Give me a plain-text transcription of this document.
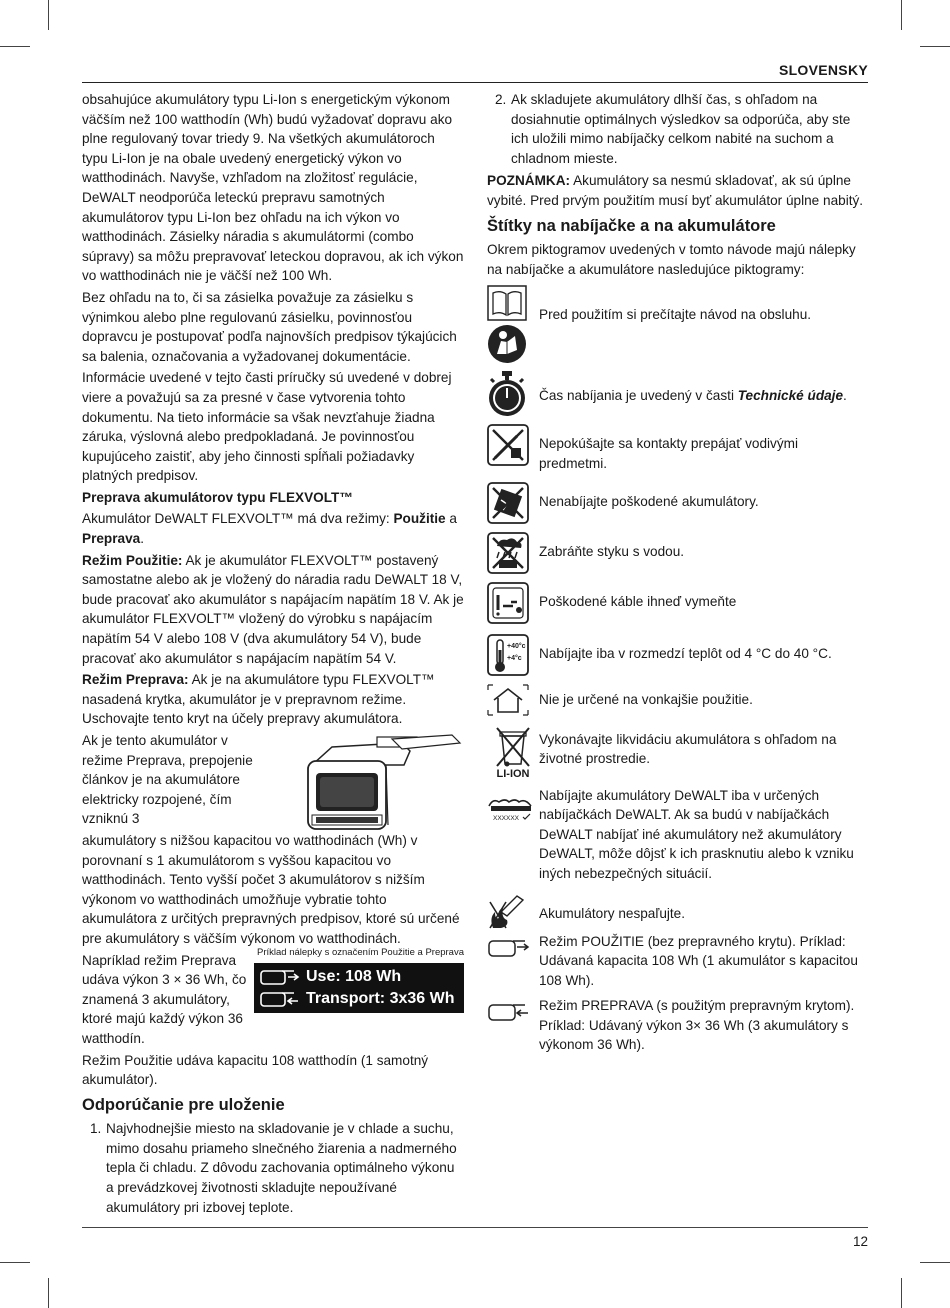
SLOVENSKY

obsahujúce akumulátory typu Li‑Ion s energetickým výkonom väčším než 100 watthodín (Wh) budú vyžadovať dopravu ako plne regulovaný tovar triedy 9. Na všetkých akumulátoroch typu Li‑Ion je na obale uvedený energetický výkon vo watthodinách. Navyše, vzhľadom na zložitosť regulácie, DeWALT neodporúča leteckú prepravu samotných akumulátorov typu Li‑Ion bez ohľadu na ich výkon vo watthodinách. Zásielky náradia s akumulátormi (combo súpravy) sa môžu prepravovať leteckou dopravou, ak ich výkon vo watthodinách nie je väčší než 100 Wh.

Bez ohľadu na to, či sa zásielka považuje za zásielku s výnimkou alebo plne regulovanú zásielku, povinnosťou dopravcu je postupovať podľa najnovších predpisov týkajúcich sa balenia, označovania a vyžadovanej dokumentácie.

Informácie uvedené v tejto časti príručky sú uvedené v dobrej viere a považujú sa za presné v čase vytvorenia tohto dokumentu. Na tieto informácie sa však nevzťahuje žiadna záruka, výslovná alebo predpokladaná. Je povinnosťou kupujúceho zaistiť, aby jeho činnosti spĺňali požiadavky platných predpisov.

Preprava akumulátorov typu FLEXVOLT™

Akumulátor DeWALT FLEXVOLT™ má dva režimy: Použitie a Preprava.

Režim Použitie: Ak je akumulátor FLEXVOLT™ postavený samostatne alebo ak je vložený do náradia radu DeWALT 18 V, bude pracovať ako akumulátor s napájacím napätím 18 V. Ak je akumulátor FLEXVOLT™ vložený do výrobku s napájacím napätím 54 V alebo 108 V (dva akumulátory 54 V), bude pracovať ako akumulátor s napájacím napätím 54 V.

Režim Preprava: Ak je na akumulátore typu FLEXVOLT™ nasadená krytka, akumulátor je v prepravnom režime. Uschovajte tento kryt na účely prepravy akumulátora.

Ak je tento akumulátor v režime Preprava, prepojenie článkov je na akumulátore elektricky rozpojené, čím vzniknú 3

akumulátory s nižšou kapacitou vo watthodinách (Wh) v porovnaní s 1 akumulátorom s vyššou kapacitou vo watthodinách. Tento vyšší počet 3 akumulátorov s nižším výkonom vo watthodinách umožňuje vybratie tohto akumulátora z určitých prepravných predpisov, ktoré sú určené pre akumulátory s väčším výkonom vo watthodinách.

Napríklad režim Preprava udáva výkon 3 × 36 Wh, čo znamená 3 akumulátory, ktoré majú každý výkon 36 watthodín.

Príklad nálepky s označením Použitie a Preprava
Use: 108 Wh
Transport: 3x36 Wh

Režim Použitie udáva kapacitu 108 watthodín (1 samotný akumulátor).

Odporúčanie pre uloženie

1. Najvhodnejšie miesto na skladovanie je v chlade a suchu, mimo dosahu priameho slnečného žiarenia a nadmerného tepla či chladu. Z dôvodu zachovania optimálneho výkonu a prevádzkovej životnosti skladujte nepoužívané akumulátory pri izbovej teplote.
2. Ak skladujete akumulátory dlhší čas, s ohľadom na dosiahnutie optimálnych výsledkov sa odporúča, aby ste ich uložili mimo nabíjačky celkom nabité na suchom a chladnom mieste.

POZNÁMKA: Akumulátory sa nesmú skladovať, ak sú úplne vybité. Pred prvým použitím musí byť akumulátor úplne nabitý.

Štítky na nabíjačke a na akumulátore

Okrem piktogramov uvedených v tomto návode majú nálepky na nabíjačke a akumulátore nasledujúce piktogramy:

Pred použitím si prečítajte návod na obsluhu.
Čas nabíjania je uvedený v časti Technické údaje.
Nepokúšajte sa kontakty prepájať vodivými predmetmi.
Nenabíjajte poškodené akumulátory.
Zabráňte styku s vodou.
Poškodené káble ihneď vymeňte
+40°c
+4°c Nabíjajte iba v rozmedzí teplôt od 4 °C do 40 °C.
Nie je určené na vonkajšie použitie.
LI-ION
Vykonávajte likvidáciu akumulátora s ohľadom na životné prostredie.
XXXXXX
Nabíjajte akumulátory DeWALT iba v určených nabíjačkách DeWALT. Ak sa budú v nabíjačkách DeWALT nabíjať iné akumulátory než akumulátory DeWALT, môže dôjsť k ich prasknutiu alebo k vzniku iných nebezpečných situácií.
Akumulátory nespaľujte.
Režim POUŽITIE (bez prepravného krytu). Príklad: Udávaná kapacita 108 Wh (1 akumulátor s kapacitou 108 Wh).
Režim PREPRAVA (s použitým prepravným krytom). Príklad: Udávaný výkon 3× 36 Wh (3 akumulátory s výkonom 36 Wh).
12
